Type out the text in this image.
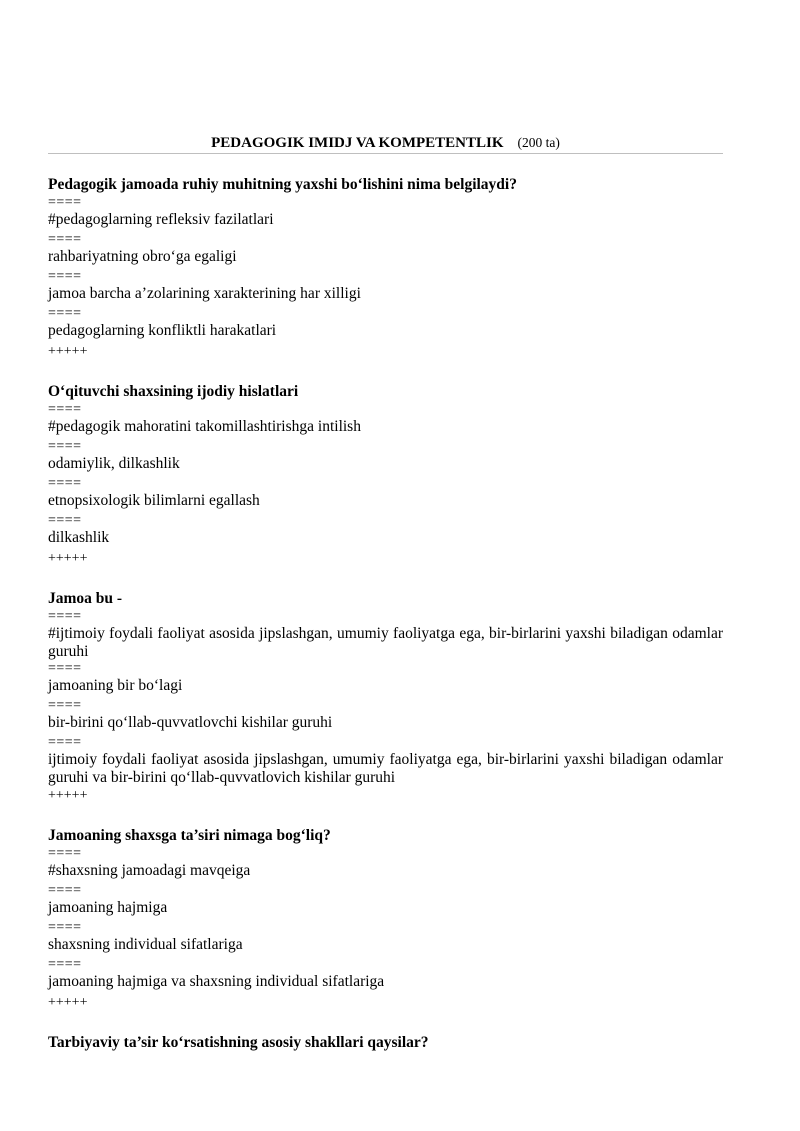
PEDAGOGIK IMIDJ VA KOMPETENTLIK (200 ta)
Pedagogik jamoada ruhiy muhitning yaxshi bo‘lishini nima belgilaydi?
====
#pedagoglarning refleksiv fazilatlari
====
rahbariyatning obro‘ga egaligi
====
jamoa barcha a’zolarining xarakterining har xilligi
====
pedagoglarning konfliktli harakatlari
+++++
O‘qituvchi shaxsining ijodiy hislatlari
====
#pedagogik mahoratini takomillashtirishga intilish
====
odamiylik, dilkashlik
====
etnopsixologik bilimlarni egallash
====
dilkashlik
+++++
Jamoa bu -
====
#ijtimoiy foydali faoliyat asosida jipslashgan, umumiy faoliyatga ega, bir-birlarini yaxshi biladigan odamlar guruhi
====
jamoaning bir bo‘lagi
====
bir-birini qo‘llab-quvvatlovchi kishilar guruhi
====
ijtimoiy foydali faoliyat asosida jipslashgan, umumiy faoliyatga ega, bir-birlarini yaxshi biladigan odamlar guruhi va bir-birini qo‘llab-quvvatlovich kishilar guruhi
+++++
Jamoaning shaxsga ta’siri nimaga bog‘liq?
====
#shaxsning jamoadagi mavqeiga
====
jamoaning hajmiga
====
shaxsning individual sifatlariga
====
jamoaning hajmiga va shaxsning individual sifatlariga
+++++
Tarbiyaviy ta’sir ko‘rsatishning asosiy shakllari qaysilar?
